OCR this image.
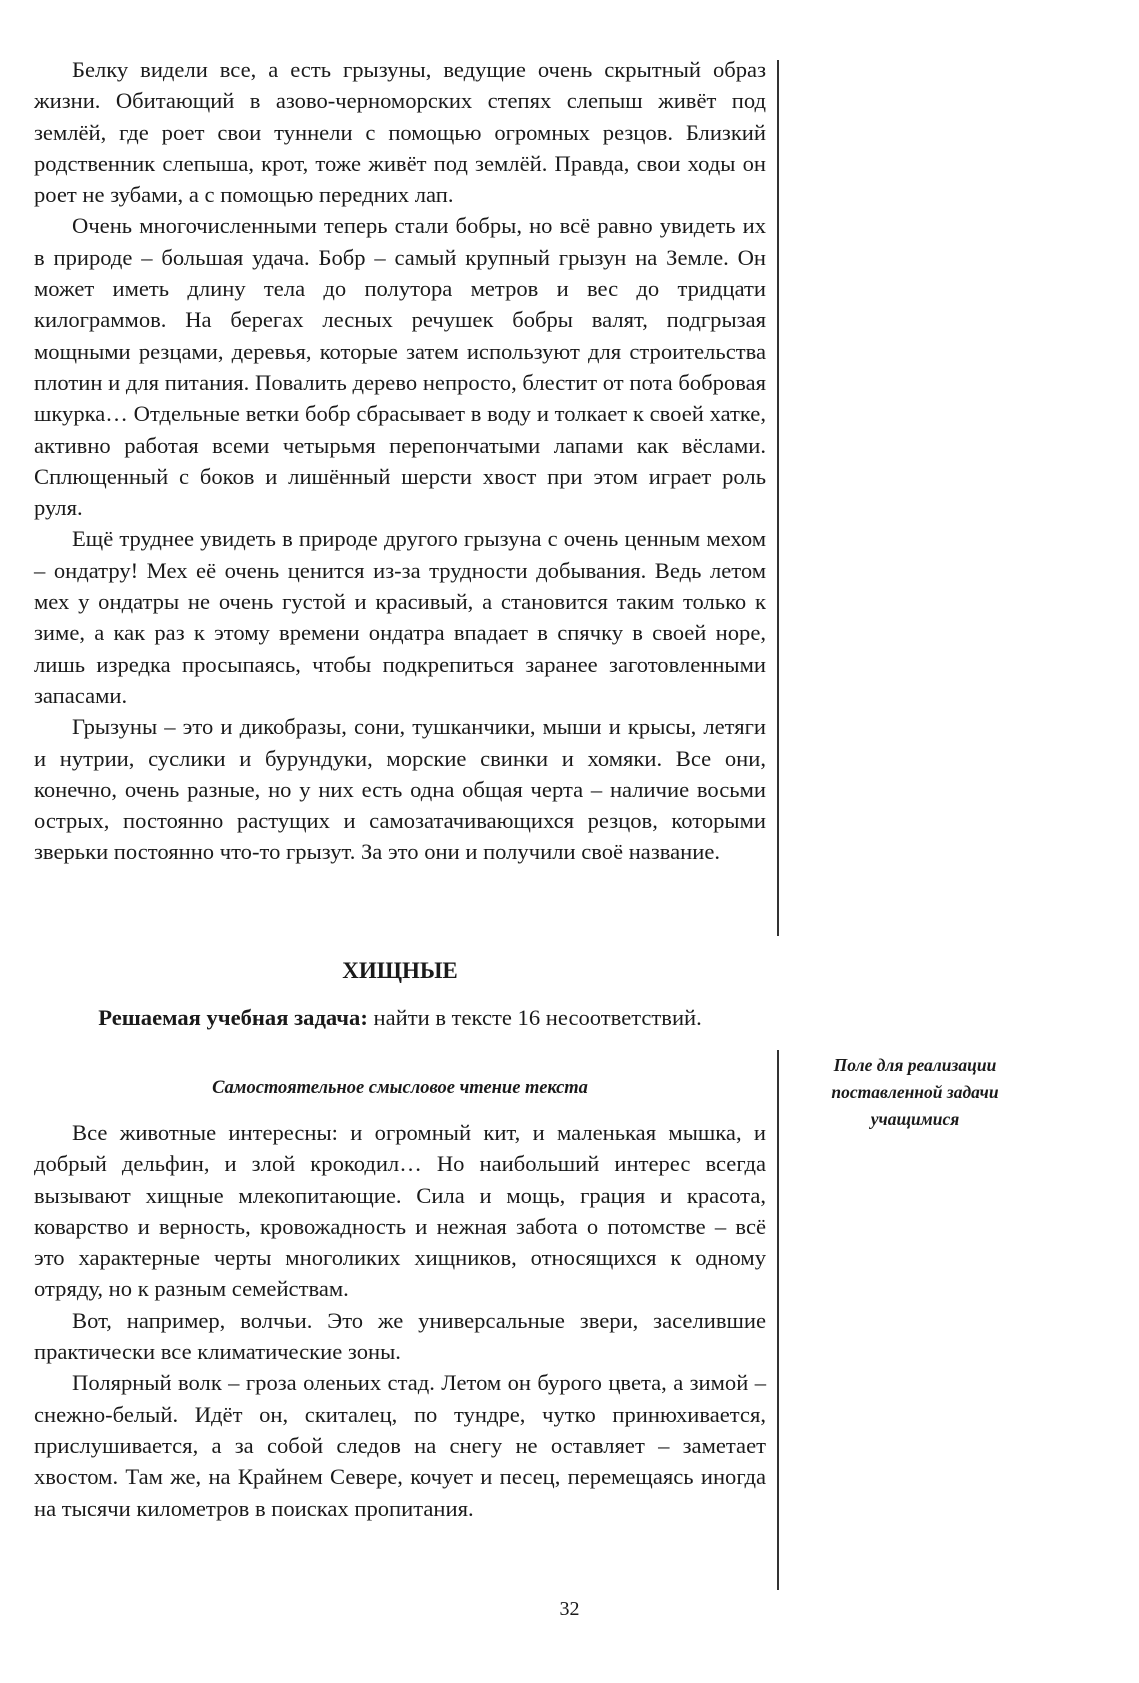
Белку видели все, а есть грызуны, ведущие очень скрытный образ жизни. Обитающий в азово-черноморских степях слепыш живёт под землёй, где роет свои туннели с помощью огромных резцов. Близкий родственник слепыша, крот, тоже живёт под землёй. Правда, свои ходы он роет не зубами, а с помощью передних лап.

Очень многочисленными теперь стали бобры, но всё равно увидеть их в природе – большая удача. Бобр – самый крупный грызун на Земле. Он может иметь длину тела до полутора метров и вес до тридцати килограммов. На берегах лесных речушек бобры валят, подгрызая мощными резцами, деревья, которые затем используют для строительства плотин и для питания. Повалить дерево непросто, блестит от пота бобровая шкурка… Отдельные ветки бобр сбрасывает в воду и толкает к своей хатке, активно работая всеми четырьмя перепончатыми лапами как вёслами. Сплющенный с боков и лишённый шерсти хвост при этом играет роль руля.

Ещё труднее увидеть в природе другого грызуна с очень ценным мехом – ондатру! Мех её очень ценится из-за трудности добывания. Ведь летом мех у ондатры не очень густой и красивый, а становится таким только к зиме, а как раз к этому времени ондатра впадает в спячку в своей норе, лишь изредка просыпаясь, чтобы подкрепиться заранее заготовленными запасами.

Грызуны – это и дикобразы, сони, тушканчики, мыши и крысы, летяги и нутрии, суслики и бурундуки, морские свинки и хомяки. Все они, конечно, очень разные, но у них есть одна общая черта – наличие восьми острых, постоянно растущих и самозатачивающихся резцов, которыми зверьки постоянно что-то грызут. За это они и получили своё название.

ХИЩНЫЕ

Решаемая учебная задача: найти в тексте 16 несоответствий.

Самостоятельное смысловое чтение текста

Поле для реализации
поставленной задачи
учащимися

Все животные интересны: и огромный кит, и маленькая мышка, и добрый дельфин, и злой крокодил… Но наибольший интерес всегда вызывают хищные млекопитающие. Сила и мощь, грация и красота, коварство и верность, кровожадность и нежная забота о потомстве – всё это характерные черты многоликих хищников, относящихся к одному отряду, но к разным семействам.

Вот, например, волчьи. Это же универсальные звери, заселившие практически все климатические зоны.

Полярный волк – гроза оленьих стад. Летом он бурого цвета, а зимой – снежно-белый. Идёт он, скиталец, по тундре, чутко принюхивается, прислушивается, а за собой следов на снегу не оставляет – заметает хвостом. Там же, на Крайнем Севере, кочует и песец, перемещаясь иногда на тысячи километров в поисках пропитания.

32
